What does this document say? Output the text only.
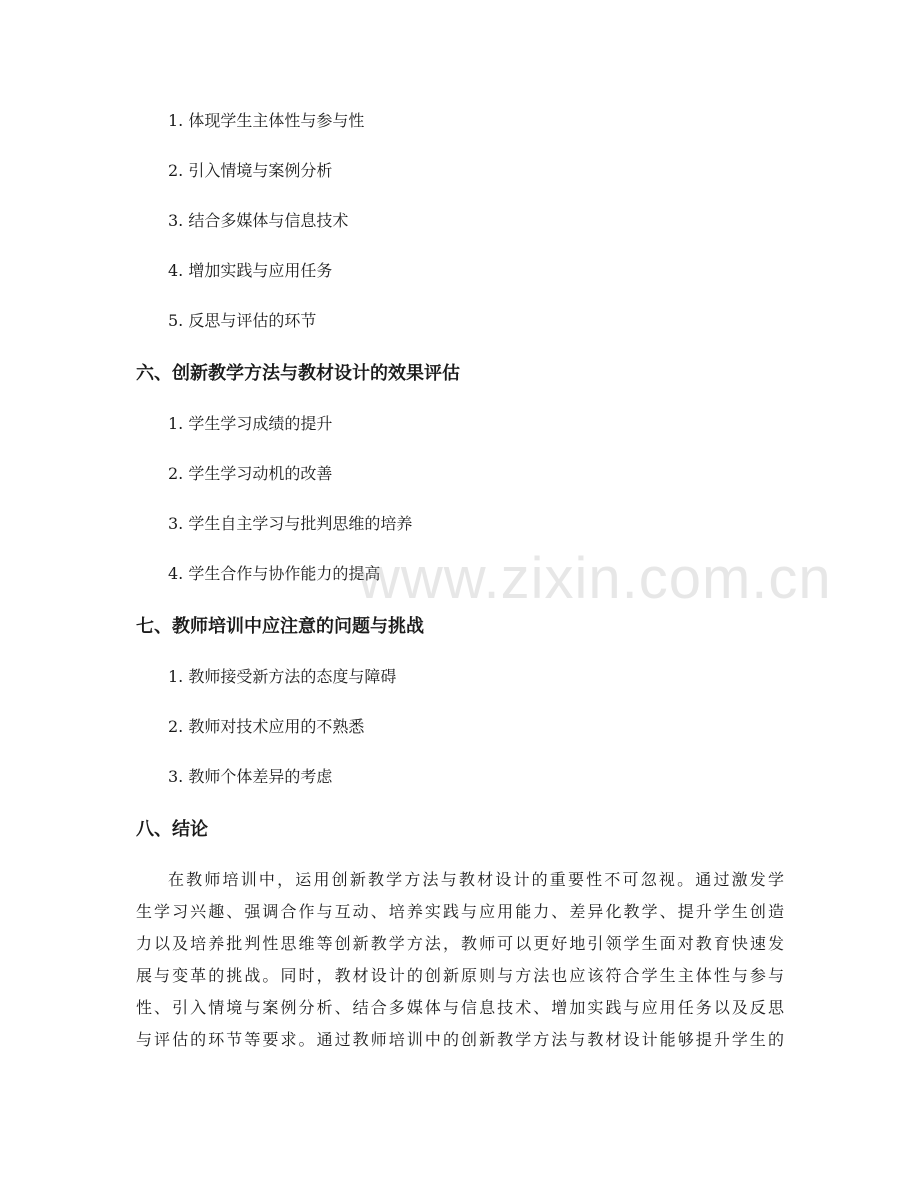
1. 体现学生主体性与参与性
2. 引入情境与案例分析
3. 结合多媒体与信息技术
4. 增加实践与应用任务
5. 反思与评估的环节
六、创新教学方法与教材设计的效果评估
1. 学生学习成绩的提升
2. 学生学习动机的改善
3. 学生自主学习与批判思维的培养
4. 学生合作与协作能力的提高
七、教师培训中应注意的问题与挑战
1. 教师接受新方法的态度与障碍
2. 教师对技术应用的不熟悉
3. 教师个体差异的考虑
八、结论
在教师培训中，运用创新教学方法与教材设计的重要性不可忽视。通过激发学
生学习兴趣、强调合作与互动、培养实践与应用能力、差异化教学、提升学生创造
力以及培养批判性思维等创新教学方法，教师可以更好地引领学生面对教育快速发
展与变革的挑战。同时，教材设计的创新原则与方法也应该符合学生主体性与参与
性、引入情境与案例分析、结合多媒体与信息技术、增加实践与应用任务以及反思
与评估的环节等要求。通过教师培训中的创新教学方法与教材设计能够提升学生的
www.zixin.com.cn
